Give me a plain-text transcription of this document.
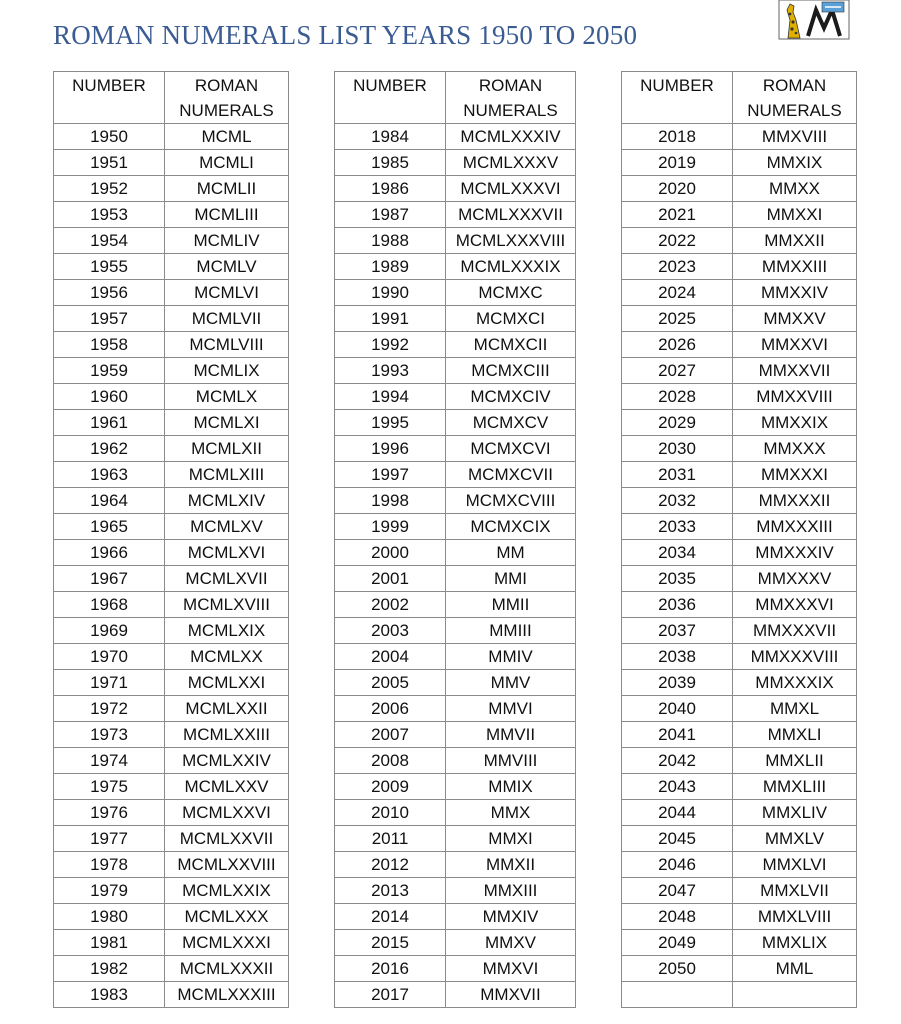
ROMAN NUMERALS LIST YEARS 1950 TO 2050
NUMBER	ROMAN
NUMERALS

1950	MCML
1951	MCMLI
1952	MCMLII
1953	MCMLIII
1954	MCMLIV
1955	MCMLV
1956	MCMLVI
1957	MCMLVII
1958	MCMLVIII
1959	MCMLIX
1960	MCMLX
1961	MCMLXI
1962	MCMLXII
1963	MCMLXIII
1964	MCMLXIV
1965	MCMLXV
1966	MCMLXVI
1967	MCMLXVII
1968	MCMLXVIII
1969	MCMLXIX
1970	MCMLXX
1971	MCMLXXI
1972	MCMLXXII
1973	MCMLXXIII
1974	MCMLXXIV
1975	MCMLXXV
1976	MCMLXXVI
1977	MCMLXXVII
1978	MCMLXXVIII
1979	MCMLXXIX
1980	MCMLXXX
1981	MCMLXXXI
1982	MCMLXXXII
1983	MCMLXXXIII
NUMBER	ROMAN
NUMERALS

1984	MCMLXXXIV
1985	MCMLXXXV
1986	MCMLXXXVI
1987	MCMLXXXVII
1988	MCMLXXXVIII
1989	MCMLXXXIX
1990	MCMXC
1991	MCMXCI
1992	MCMXCII
1993	MCMXCIII
1994	MCMXCIV
1995	MCMXCV
1996	MCMXCVI
1997	MCMXCVII
1998	MCMXCVIII
1999	MCMXCIX
2000	MM
2001	MMI
2002	MMII
2003	MMIII
2004	MMIV
2005	MMV
2006	MMVI
2007	MMVII
2008	MMVIII
2009	MMIX
2010	MMX
2011	MMXI
2012	MMXII
2013	MMXIII
2014	MMXIV
2015	MMXV
2016	MMXVI
2017	MMXVII
NUMBER	ROMAN
NUMERALS

2018	MMXVIII
2019	MMXIX
2020	MMXX
2021	MMXXI
2022	MMXXII
2023	MMXXIII
2024	MMXXIV
2025	MMXXV
2026	MMXXVI
2027	MMXXVII
2028	MMXXVIII
2029	MMXXIX
2030	MMXXX
2031	MMXXXI
2032	MMXXXII
2033	MMXXXIII
2034	MMXXXIV
2035	MMXXXV
2036	MMXXXVI
2037	MMXXXVII
2038	MMXXXVIII
2039	MMXXXIX
2040	MMXL
2041	MMXLI
2042	MMXLII
2043	MMXLIII
2044	MMXLIV
2045	MMXLV
2046	MMXLVI
2047	MMXLVII
2048	MMXLVIII
2049	MMXLIX
2050	MML
